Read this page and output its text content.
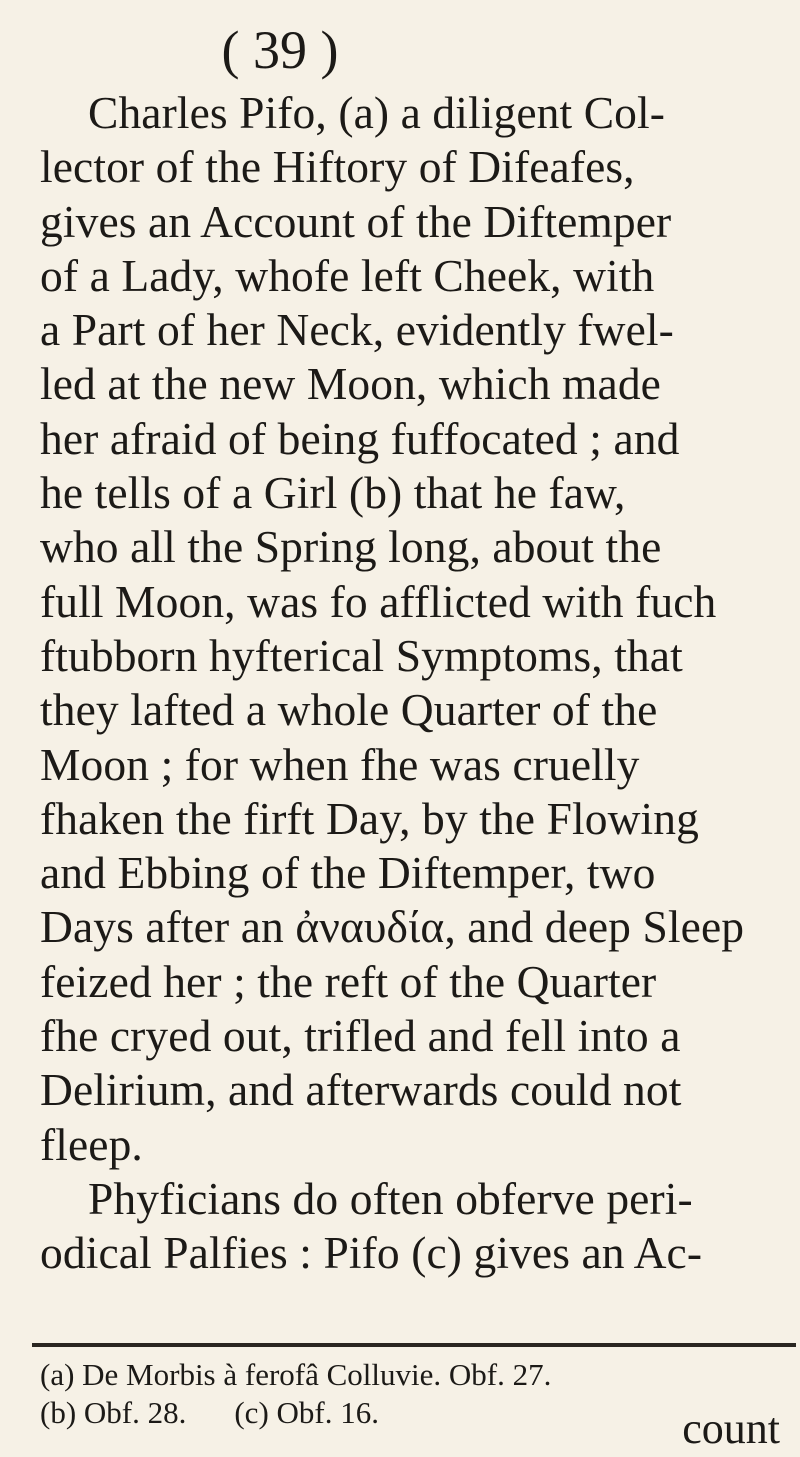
( 39 )
Charles Pifo, (a) a diligent Col-
lector of the Hiftory of Difeafes,
gives an Account of the Diftemper
of a Lady, whofe left Cheek, with
a Part of her Neck, evidently fwel-
led at the new Moon, which made
her afraid of being fuffocated ; and
he tells of a Girl (b) that he faw,
who all the Spring long, about the
full Moon, was fo afflicted with fuch
ftubborn hyfterical Symptoms, that
they lafted a whole Quarter of the
Moon ; for when fhe was cruelly
fhaken the firft Day, by the Flowing
and Ebbing of the Diftemper, two
Days after an ἀναυδία, and deep Sleep
feized her ; the reft of the Quarter
fhe cryed out, trifled and fell into a
Delirium, and afterwards could not
fleep.
Phyficians do often obferve peri-
odical Palfies : Pifo (c) gives an Ac-
(a) De Morbis à ferofâ Colluvie. Obf. 27.
(b) Obf. 28. (c) Obf. 16.	count
